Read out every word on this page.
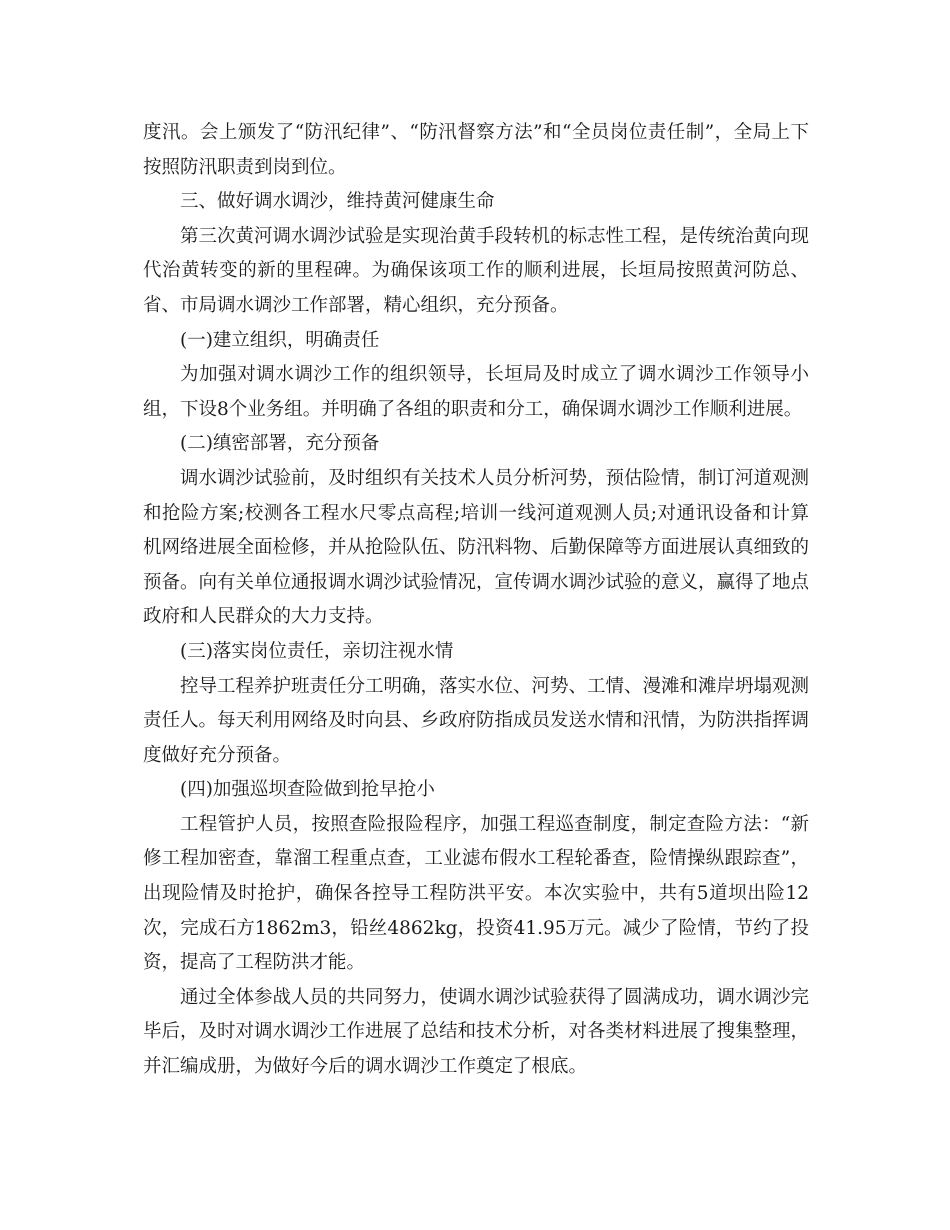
度汛。会上颁发了“防汛纪律”、“防汛督察方法”和“全员岗位责任制”，全局上下按照防汛职责到岗到位。

三、做好调水调沙，维持黄河健康生命

第三次黄河调水调沙试验是实现治黄手段转机的标志性工程，是传统治黄向现代治黄转变的新的里程碑。为确保该项工作的顺利进展，长垣局按照黄河防总、省、市局调水调沙工作部署，精心组织，充分预备。

(一)建立组织，明确责任

为加强对调水调沙工作的组织领导，长垣局及时成立了调水调沙工作领导小组，下设8个业务组。并明确了各组的职责和分工，确保调水调沙工作顺利进展。

(二)缜密部署，充分预备

调水调沙试验前，及时组织有关技术人员分析河势，预估险情，制订河道观测和抢险方案;校测各工程水尺零点高程;培训一线河道观测人员;对通讯设备和计算机网络进展全面检修，并从抢险队伍、防汛料物、后勤保障等方面进展认真细致的预备。向有关单位通报调水调沙试验情况，宣传调水调沙试验的意义，赢得了地点政府和人民群众的大力支持。

(三)落实岗位责任，亲切注视水情

控导工程养护班责任分工明确，落实水位、河势、工情、漫滩和滩岸坍塌观测责任人。每天利用网络及时向县、乡政府防指成员发送水情和汛情，为防洪指挥调度做好充分预备。

(四)加强巡坝查险做到抢早抢小

工程管护人员，按照查险报险程序，加强工程巡查制度，制定查险方法：“新修工程加密查，靠溜工程重点查，工业滤布假水工程轮番查，险情操纵跟踪查”，出现险情及时抢护，确保各控导工程防洪平安。本次实验中，共有5道坝出险12次，完成石方1862m3，铅丝4862kg，投资41.95万元。减少了险情，节约了投资，提高了工程防洪才能。

通过全体参战人员的共同努力，使调水调沙试验获得了圆满成功，调水调沙完毕后，及时对调水调沙工作进展了总结和技术分析，对各类材料进展了搜集整理，并汇编成册，为做好今后的调水调沙工作奠定了根底。
